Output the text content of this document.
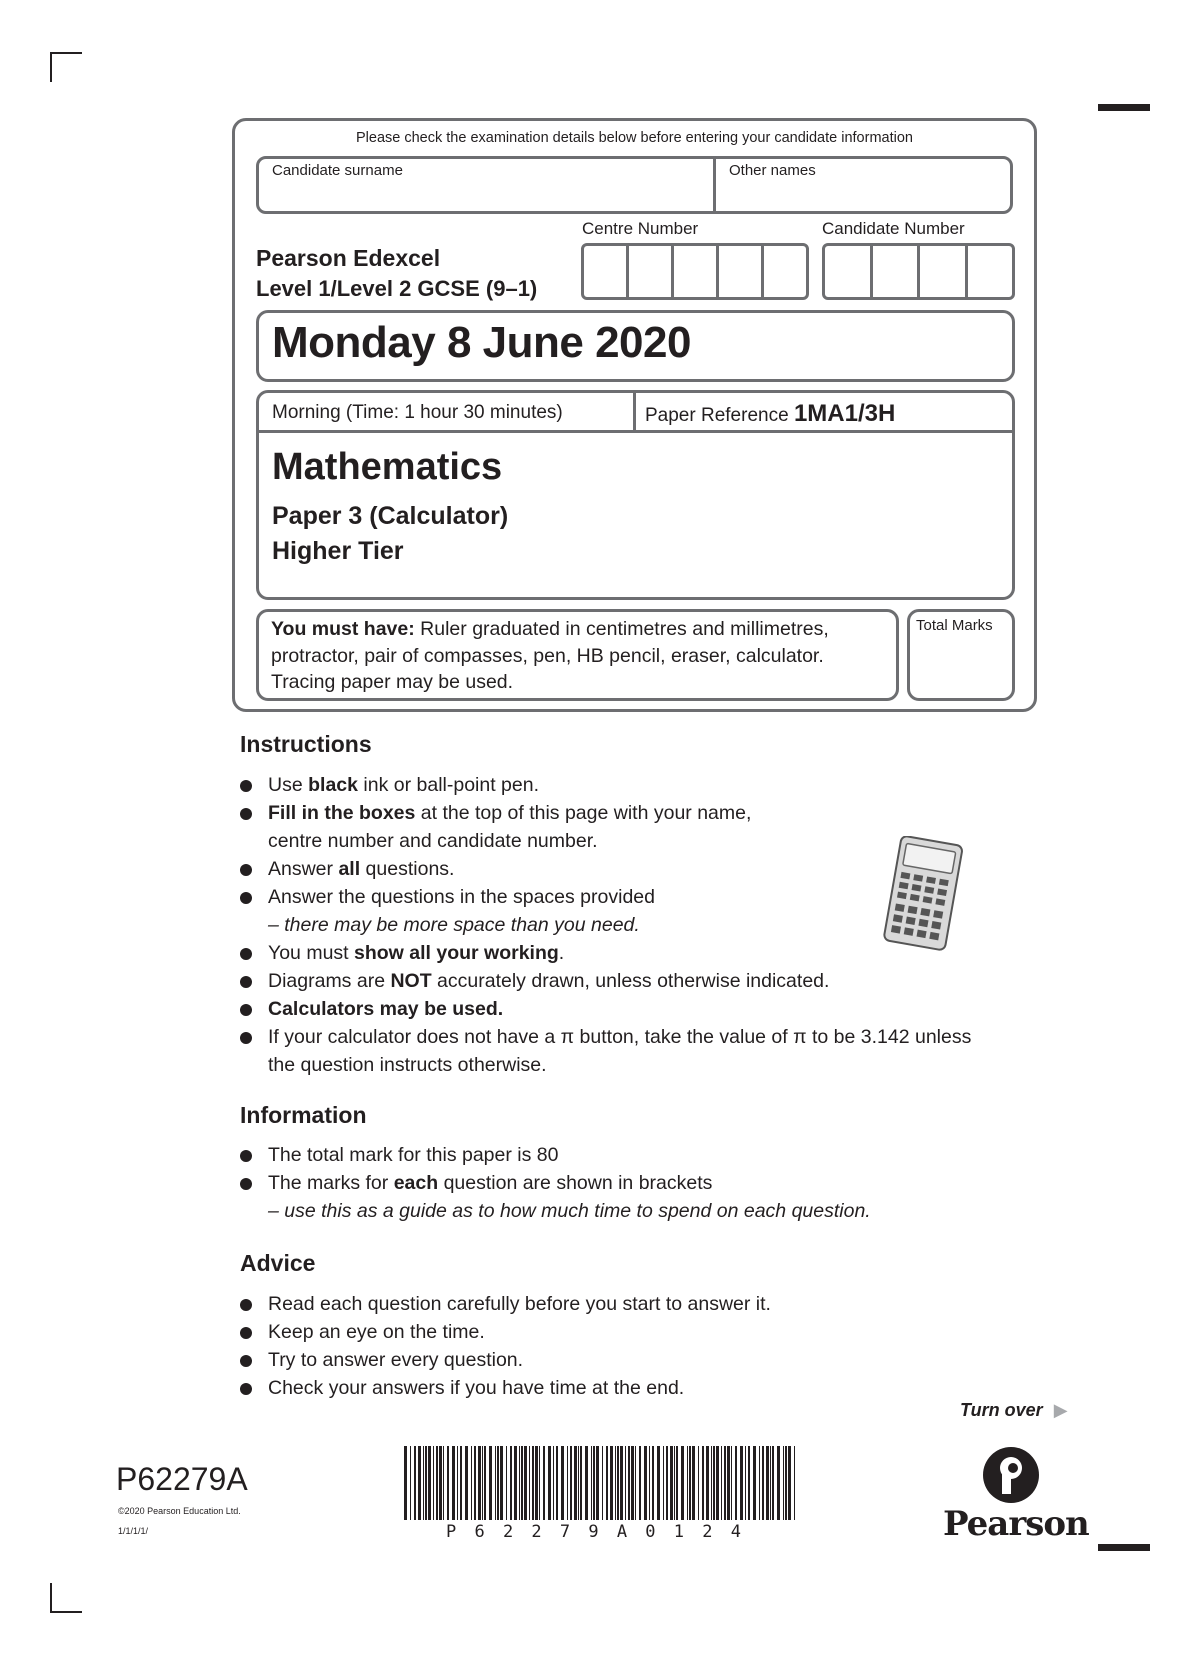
Please check the examination details below before entering your candidate information
Candidate surname	Other names
Centre Number	Candidate Number
Pearson Edexcel
Level 1/Level 2 GCSE (9–1)
Monday 8 June 2020
Morning (Time: 1 hour 30 minutes)	Paper Reference 1MA1/3H
Mathematics
Paper 3 (Calculator)
Higher Tier
You must have: Ruler graduated in centimetres and millimetres, protractor, pair of compasses, pen, HB pencil, eraser, calculator. Tracing paper may be used.
Total Marks
Instructions
Use black ink or ball-point pen.
Fill in the boxes at the top of this page with your name,
centre number and candidate number.
Answer all questions.
Answer the questions in the spaces provided
– there may be more space than you need.
You must show all your working.
Diagrams are NOT accurately drawn, unless otherwise indicated.
Calculators may be used.
If your calculator does not have a π button, take the value of π to be 3.142 unless
the question instructs otherwise.
Information
The total mark for this paper is 80
The marks for each question are shown in brackets
– use this as a guide as to how much time to spend on each question.
Advice
Read each question carefully before you start to answer it.
Keep an eye on the time.
Try to answer every question.
Check your answers if you have time at the end.
Turn over ▶
P62279A
©2020 Pearson Education Ltd.
1/1/1/1/	P 6 2 2 7 9 A 0 1 2 4	Pearson
